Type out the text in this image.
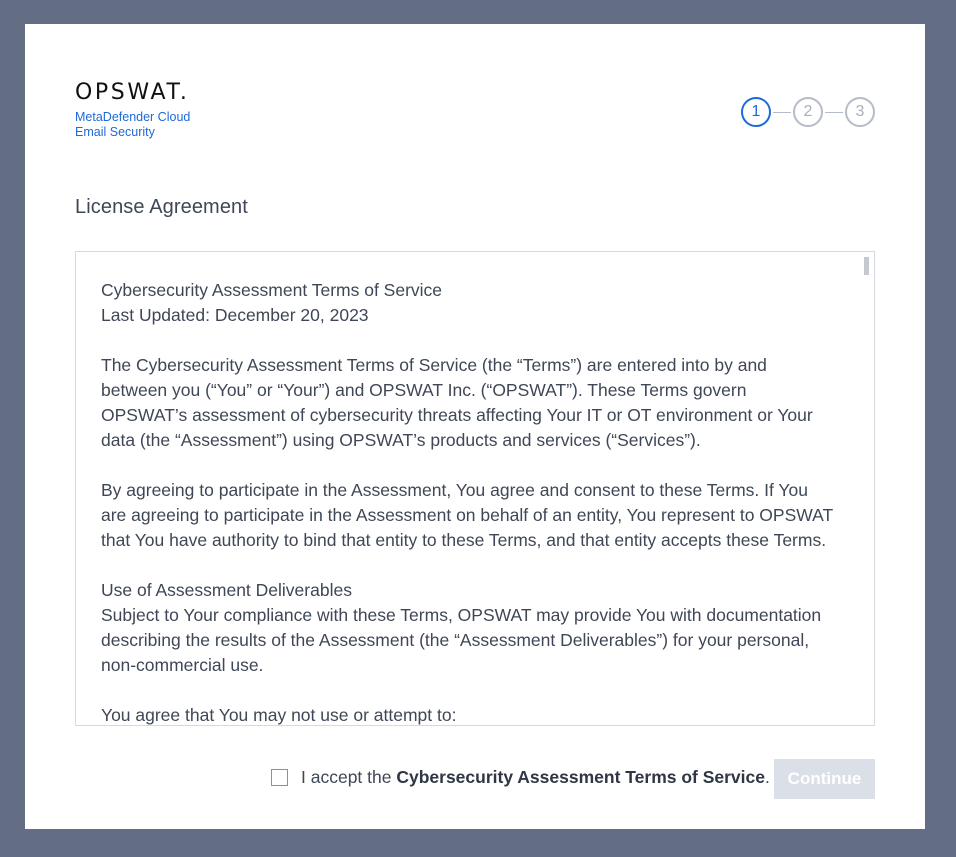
OPSWAT.
MetaDefender Cloud
Email Security
1	2	3
License Agreement

Cybersecurity Assessment Terms of Service
Last Updated: December 20, 2023

The Cybersecurity Assessment Terms of Service (the “Terms”) are entered into by and between you (“You” or “Your”) and OPSWAT Inc. (“OPSWAT”). These Terms govern OPSWAT’s assessment of cybersecurity threats affecting Your IT or OT environment or Your data (the “Assessment”) using OPSWAT’s products and services (“Services”).

By agreeing to participate in the Assessment, You agree and consent to these Terms. If You are agreeing to participate in the Assessment on behalf of an entity, You represent to OPSWAT that You have authority to bind that entity to these Terms, and that entity accepts these Terms.

Use of Assessment Deliverables
Subject to Your compliance with these Terms, OPSWAT may provide You with documentation describing the results of the Assessment (the “Assessment Deliverables”) for your personal, non-commercial use.

You agree that You may not use or attempt to:

I accept the Cybersecurity Assessment Terms of Service.	Continue
